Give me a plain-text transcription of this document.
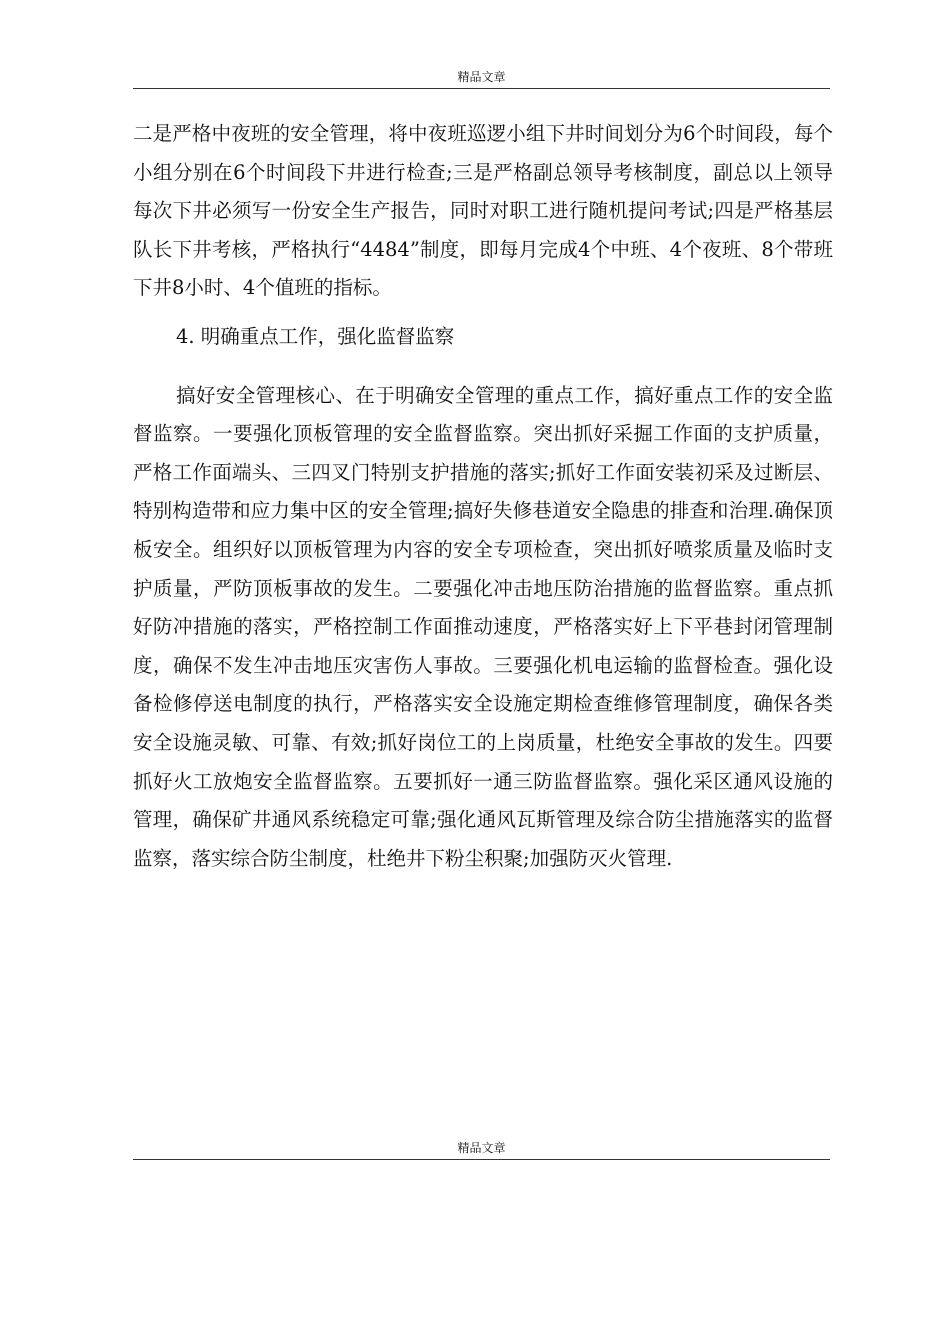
精品文章

二是严格中夜班的安全管理，将中夜班巡逻小组下井时间划分为6个时间段，每个小组分别在6个时间段下井进行检查;三是严格副总领导考核制度，副总以上领导每次下井必须写一份安全生产报告，同时对职工进行随机提问考试;四是严格基层队长下井考核，严格执行“4484”制度，即每月完成4个中班、4个夜班、8个带班下井8小时、4个值班的指标。

4. 明确重点工作，强化监督监察

搞好安全管理核心、在于明确安全管理的重点工作，搞好重点工作的安全监督监察。一要强化顶板管理的安全监督监察。突出抓好采掘工作面的支护质量，严格工作面端头、三四叉门特别支护措施的落实;抓好工作面安装初采及过断层、特别构造带和应力集中区的安全管理;搞好失修巷道安全隐患的排查和治理.确保顶板安全。组织好以顶板管理为内容的安全专项检查，突出抓好喷浆质量及临时支护质量，严防顶板事故的发生。二要强化冲击地压防治措施的监督监察。重点抓好防冲措施的落实，严格控制工作面推动速度，严格落实好上下平巷封闭管理制度，确保不发生冲击地压灾害伤人事故。三要强化机电运输的监督检查。强化设备检修停送电制度的执行，严格落实安全设施定期检查维修管理制度，确保各类安全设施灵敏、可靠、有效;抓好岗位工的上岗质量，杜绝安全事故的发生。四要抓好火工放炮安全监督监察。五要抓好一通三防监督监察。强化采区通风设施的管理，确保矿井通风系统稳定可靠;强化通风瓦斯管理及综合防尘措施落实的监督监察，落实综合防尘制度，杜绝井下粉尘积聚;加强防灭火管理.

精品文章
